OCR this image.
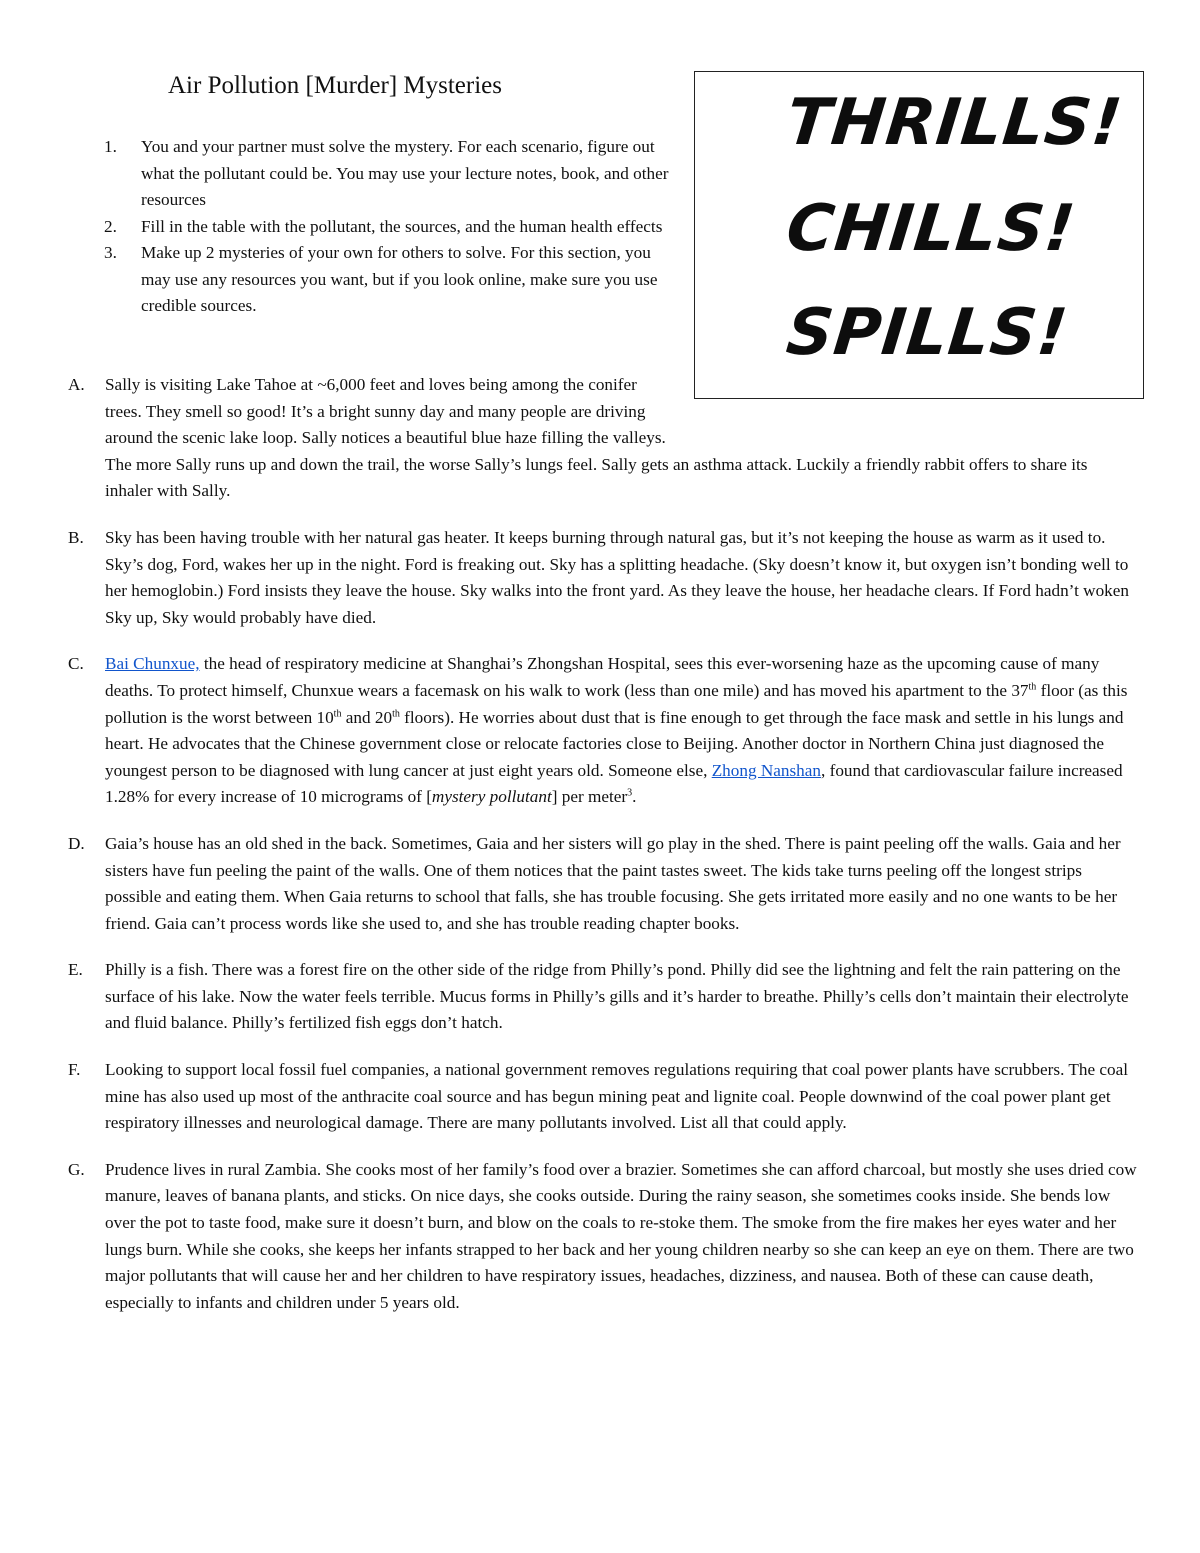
Air Pollution [Murder] Mysteries
1. You and your partner must solve the mystery. For each scenario, figure out what the pollutant could be. You may use your lecture notes, book, and other resources
2. Fill in the table with the pollutant, the sources, and the human health effects
3. Make up 2 mysteries of your own for others to solve. For this section, you may use any resources you want, but if you look online, make sure you use credible sources.
THRILLS!
CHILLS!
SPILLS!
A. Sally is visiting Lake Tahoe at ~6,000 feet and loves being among the conifer trees. They smell so good! It’s a bright sunny day and many people are driving around the scenic lake loop. Sally notices a beautiful blue haze filling the valleys. The more Sally runs up and down the trail, the worse Sally’s lungs feel. Sally gets an asthma attack. Luckily a friendly rabbit offers to share its inhaler with Sally.
B. Sky has been having trouble with her natural gas heater. It keeps burning through natural gas, but it’s not keeping the house as warm as it used to. Sky’s dog, Ford, wakes her up in the night. Ford is freaking out. Sky has a splitting headache. (Sky doesn’t know it, but oxygen isn’t bonding well to her hemoglobin.) Ford insists they leave the house. Sky walks into the front yard. As they leave the house, her headache clears. If Ford hadn’t woken Sky up, Sky would probably have died.
C. Bai Chunxue, the head of respiratory medicine at Shanghai’s Zhongshan Hospital, sees this ever-worsening haze as the upcoming cause of many deaths. To protect himself, Chunxue wears a facemask on his walk to work (less than one mile) and has moved his apartment to the 37th floor (as this pollution is the worst between 10th and 20th floors). He worries about dust that is fine enough to get through the face mask and settle in his lungs and heart. He advocates that the Chinese government close or relocate factories close to Beijing. Another doctor in Northern China just diagnosed the youngest person to be diagnosed with lung cancer at just eight years old. Someone else, Zhong Nanshan, found that cardiovascular failure increased 1.28% for every increase of 10 micrograms of [mystery pollutant] per meter$^3$.
D. Gaia’s house has an old shed in the back. Sometimes, Gaia and her sisters will go play in the shed. There is paint peeling off the walls. Gaia and her sisters have fun peeling the paint of the walls. One of them notices that the paint tastes sweet. The kids take turns peeling off the longest strips possible and eating them. When Gaia returns to school that falls, she has trouble focusing. She gets irritated more easily and no one wants to be her friend. Gaia can’t process words like she used to, and she has trouble reading chapter books.
E. Philly is a fish. There was a forest fire on the other side of the ridge from Philly’s pond. Philly did see the lightning and felt the rain pattering on the surface of his lake. Now the water feels terrible. Mucus forms in Philly’s gills and it’s harder to breathe. Philly’s cells don’t maintain their electrolyte and fluid balance. Philly’s fertilized fish eggs don’t hatch.
F. Looking to support local fossil fuel companies, a national government removes regulations requiring that coal power plants have scrubbers. The coal mine has also used up most of the anthracite coal source and has begun mining peat and lignite coal. People downwind of the coal power plant get respiratory illnesses and neurological damage. There are many pollutants involved. List all that could apply.
G. Prudence lives in rural Zambia. She cooks most of her family’s food over a brazier. Sometimes she can afford charcoal, but mostly she uses dried cow manure, leaves of banana plants, and sticks. On nice days, she cooks outside. During the rainy season, she sometimes cooks inside. She bends low over the pot to taste food, make sure it doesn’t burn, and blow on the coals to re-stoke them. The smoke from the fire makes her eyes water and her lungs burn. While she cooks, she keeps her infants strapped to her back and her young children nearby so she can keep an eye on them. There are two major pollutants that will cause her and her children to have respiratory issues, headaches, dizziness, and nausea. Both of these can cause death, especially to infants and children under 5 years old.
